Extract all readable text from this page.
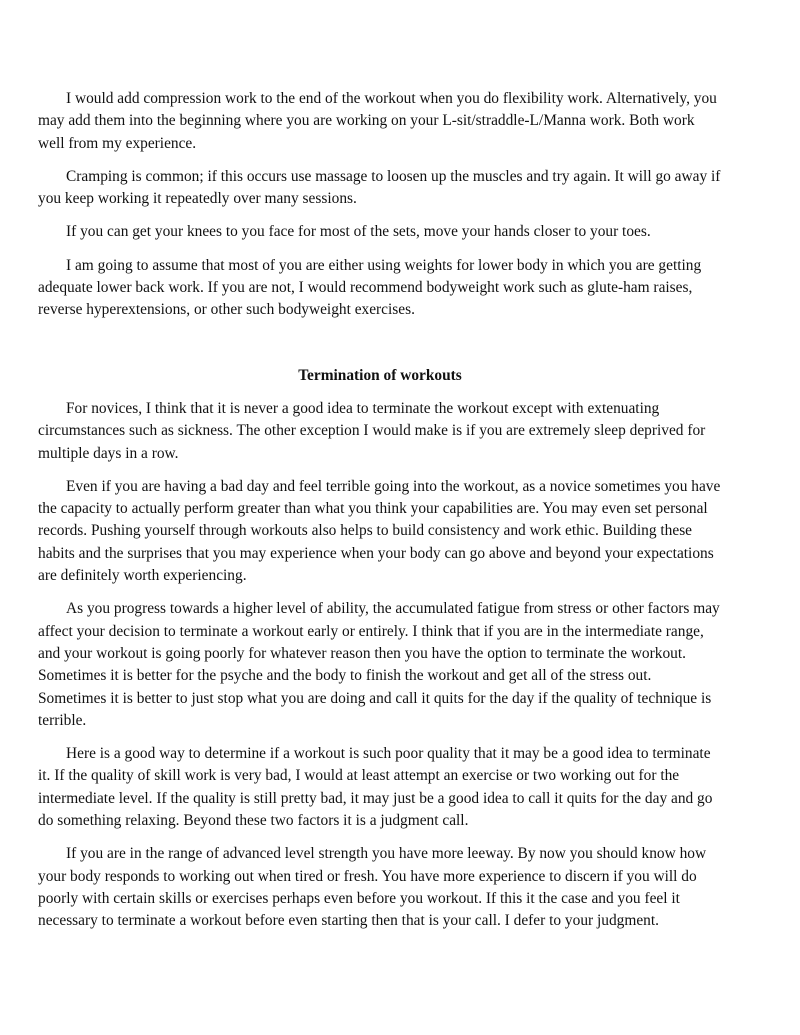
I would add compression work to the end of the workout when you do flexibility work. Alternatively, you may add them into the beginning where you are working on your L-sit/straddle-L/Manna work. Both work well from my experience.

Cramping is common; if this occurs use massage to loosen up the muscles and try again. It will go away if you keep working it repeatedly over many sessions.

If you can get your knees to you face for most of the sets, move your hands closer to your toes.

I am going to assume that most of you are either using weights for lower body in which you are getting adequate lower back work. If you are not, I would recommend bodyweight work such as glute-ham raises, reverse hyperextensions, or other such bodyweight exercises.

Termination of workouts

For novices, I think that it is never a good idea to terminate the workout except with extenuating circumstances such as sickness. The other exception I would make is if you are extremely sleep deprived for multiple days in a row.

Even if you are having a bad day and feel terrible going into the workout, as a novice sometimes you have the capacity to actually perform greater than what you think your capabilities are. You may even set personal records. Pushing yourself through workouts also helps to build consistency and work ethic. Building these habits and the surprises that you may experience when your body can go above and beyond your expectations are definitely worth experiencing.

As you progress towards a higher level of ability, the accumulated fatigue from stress or other factors may affect your decision to terminate a workout early or entirely. I think that if you are in the intermediate range, and your workout is going poorly for whatever reason then you have the option to terminate the workout. Sometimes it is better for the psyche and the body to finish the workout and get all of the stress out. Sometimes it is better to just stop what you are doing and call it quits for the day if the quality of technique is terrible.

Here is a good way to determine if a workout is such poor quality that it may be a good idea to terminate it. If the quality of skill work is very bad, I would at least attempt an exercise or two working out for the intermediate level. If the quality is still pretty bad, it may just be a good idea to call it quits for the day and go do something relaxing. Beyond these two factors it is a judgment call.

If you are in the range of advanced level strength you have more leeway. By now you should know how your body responds to working out when tired or fresh. You have more experience to discern if you will do poorly with certain skills or exercises perhaps even before you workout. If this it the case and you feel it necessary to terminate a workout before even starting then that is your call. I defer to your judgment.
